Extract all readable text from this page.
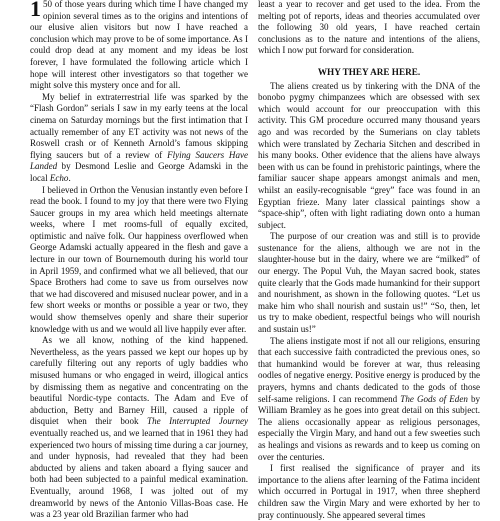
1 50 of those years during which time I have changed my opinion several times as to the origins and intentions of our elusive alien visitors but now I have reached a conclusion which may prove to be of some importance. As I could drop dead at any moment and my ideas be lost forever, I have formulated the following article which I hope will interest other investigators so that together we might solve this mystery once and for all.

My belief in extraterrestrial life was sparked by the “Flash Gordon” serials I saw in my early teens at the local cinema on Saturday mornings but the first intimation that I actually remember of any ET activity was not news of the Roswell crash or of Kenneth Arnold’s famous skipping flying saucers but of a review of Flying Saucers Have Landed by Desmond Leslie and George Adamski in the local Echo.

I believed in Orthon the Venusian instantly even before I read the book. I found to my joy that there were two Flying Saucer groups in my area which held meetings alternate weeks, where I met rooms-full of equally excited, optimistic and naïve folk. Our happiness overflowed when George Adamski actually appeared in the flesh and gave a lecture in our town of Bournemouth during his world tour in April 1959, and confirmed what we all believed, that our Space Brothers had come to save us from ourselves now that we had discovered and misused nuclear power, and in a few short weeks or months or possible a year or two, they would show themselves openly and share their superior knowledge with us and we would all live happily ever after.

As we all know, nothing of the kind happened. Nevertheless, as the years passed we kept our hopes up by carefully filtering out any reports of ugly baddies who misused humans or who engaged in weird, illogical antics by dismissing them as negative and concentrating on the beautiful Nordic-type contacts. The Adam and Eve of abduction, Betty and Barney Hill, caused a ripple of disquiet when their book The Interrupted Journey eventually reached us, and we learned that in 1961 they had experienced two hours of missing time during a car journey, and under hypnosis, had revealed that they had been abducted by aliens and taken aboard a flying saucer and both had been subjected to a painful medical examination. Eventually, around 1968, I was jolted out of my dreamworld by news of the Antonio Villas-Boas case. He was a 23 year old Brazilian farmer who had

least a year to recover and get used to the idea. From the melting pot of reports, ideas and theories accumulated over the following 30 old years, I have reached certain conclusions as to the nature and intentions of the aliens, which I now put forward for consideration.

WHY THEY ARE HERE.

The aliens created us by tinkering with the DNA of the bonobo pygmy chimpanzees which are obsessed with sex which would account for our preoccupation with this activity. This GM procedure occurred many thousand years ago and was recorded by the Sumerians on clay tablets which were translated by Zecharia Sitchen and described in his many books. Other evidence that the aliens have always been with us can be found in prehistoric paintings, where the familiar saucer shape appears amongst animals and men, whilst an easily-recognisable “grey” face was found in an Egyptian frieze. Many later classical paintings show a “space-ship”, often with light radiating down onto a human subject.

The purpose of our creation was and still is to provide sustenance for the aliens, although we are not in the slaughter-house but in the dairy, where we are “milked” of our energy. The Popul Vuh, the Mayan sacred book, states quite clearly that the Gods made humankind for their support and nourishment, as shown in the following quotes. “Let us make him who shall nourish and sustain us!” “So, then, let us try to make obedient, respectful beings who will nourish and sustain us!”

The aliens instigate most if not all our religions, ensuring that each successive faith contradicted the previous ones, so that humankind would be forever at war, thus releasing oodles of negative energy. Positive energy is produced by the prayers, hymns and chants dedicated to the gods of those self-same religions. I can recommend The Gods of Eden by William Bramley as he goes into great detail on this subject. The aliens occasionally appear as religious personages, especially the Virgin Mary, and hand out a few sweeties such as healings and visions as rewards and to keep us coming on over the centuries.

I first realised the significance of prayer and its importance to the aliens after learning of the Fatima incident which occurred in Portugal in 1917, when three shepherd children saw the Virgin Mary and were exhorted by her to pray continuously. She appeared several times
